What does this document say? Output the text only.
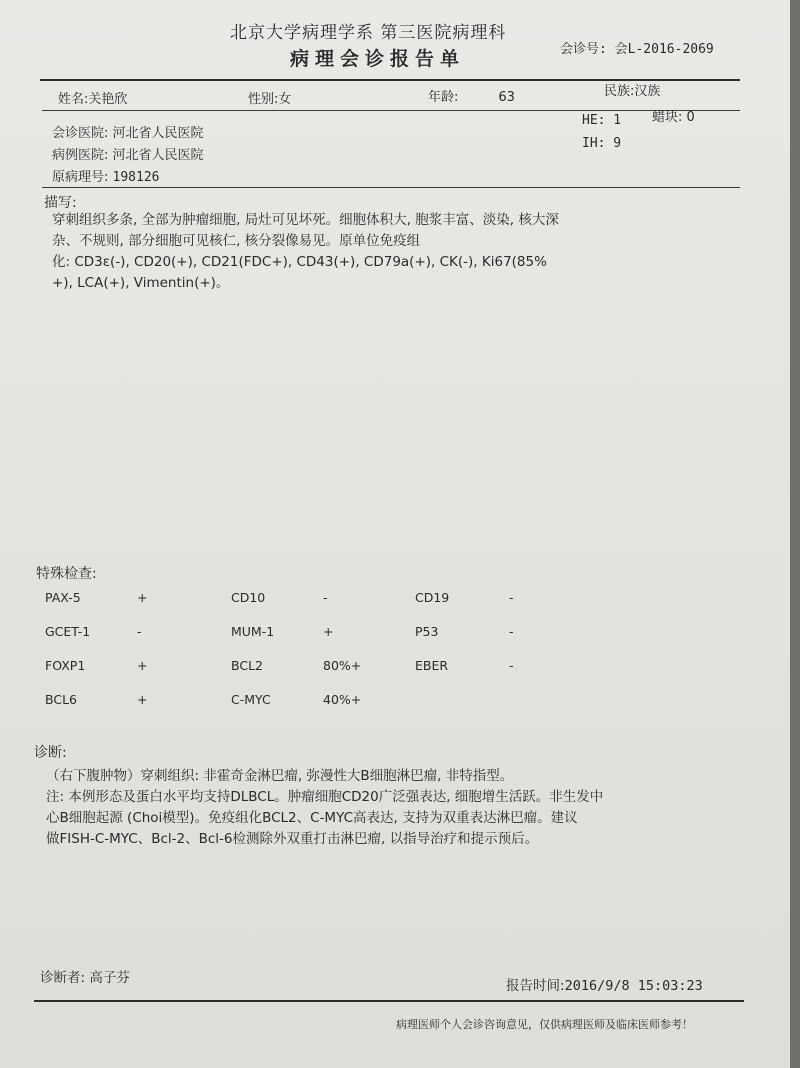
北京大学病理学系 第三医院病理科
病理会诊报告单	会诊号: 会L-2016-2069
姓名:关艳欣	性别:女	年龄:	63	民族:汉族
会诊医院: 河北省人民医院
病例医院: 河北省人民医院
原病理号: 198126
HE: 1 蜡块: 0
IH: 9
描写:
穿刺组织多条, 全部为肿瘤细胞, 局灶可见坏死。细胞体积大, 胞浆丰富、淡染, 核大深
杂、不规则, 部分细胞可见核仁, 核分裂像易见。原单位免疫组
化: CD3ε(-), CD20(+), CD21(FDC+), CD43(+), CD79a(+), CK(-), Ki67(85%
+), LCA(+), Vimentin(+)。
特殊检查:
PAX-5	+	CD10	-	CD19	-
GCET-1	-	MUM-1	+	P53	-
FOXP1	+	BCL2	80%+	EBER	-
BCL6	+	C-MYC	40%+		
诊断:
（右下腹肿物）穿刺组织: 非霍奇金淋巴瘤, 弥漫性大B细胞淋巴瘤, 非特指型。
注: 本例形态及蛋白水平均支持DLBCL。肿瘤细胞CD20广泛强表达, 细胞增生活跃。非生发中
心B细胞起源 (Choi模型)。免疫组化BCL2、C-MYC高表达, 支持为双重表达淋巴瘤。建议
做FISH-C-MYC、Bcl-2、Bcl-6检测除外双重打击淋巴瘤, 以指导治疗和提示预后。
诊断者: 高子芬	报告时间:2016/9/8 15:03:23
病理医师个人会诊咨询意见，仅供病理医师及临床医师参考！
